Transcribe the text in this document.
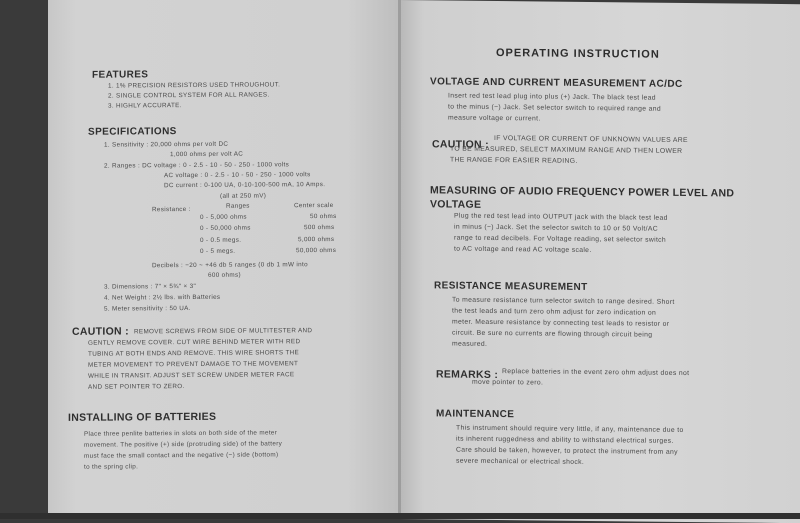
FEATURES
1. 1% PRECISION RESISTORS USED THROUGHOUT.
2. SINGLE CONTROL SYSTEM FOR ALL RANGES.
3. HIGHLY ACCURATE.
SPECIFICATIONS
1. Sensitivity : 20,000 ohms per volt DC
1,000 ohms per volt AC
2. Ranges : DC voltage : 0 - 2.5 - 10 - 50 - 250 - 1000 volts
AC voltage : 0 - 2.5 - 10 - 50 - 250 - 1000 volts
DC current : 0-100 UA, 0-10-100-500 mA, 10 Amps.
(all at 250 mV)
Resistance :	Ranges	Center scale
0 - 5,000 ohms	50 ohms
0 - 50,000 ohms	500 ohms
0 - 0.5 megs.	5,000 ohms
0 - 5 megs.	50,000 ohms
Decibels : −20 ~ +46 db 5 ranges (0 db 1 mW into
600 ohms)
3. Dimensions : 7" × 5¾" × 3"
4. Net Weight : 2½ lbs. with Batteries
5. Meter sensitivity : 50 UA.
CAUTION : REMOVE SCREWS FROM SIDE OF MULTITESTER AND
GENTLY REMOVE COVER. CUT WIRE BEHIND METER WITH RED
TUBING AT BOTH ENDS AND REMOVE. THIS WIRE SHORTS THE
METER MOVEMENT TO PREVENT DAMAGE TO THE MOVEMENT
WHILE IN TRANSIT. ADJUST SET SCREW UNDER METER FACE
AND SET POINTER TO ZERO.
INSTALLING OF BATTERIES
Place three penlite batteries in slots on both side of the meter
movement. The positive (+) side (protruding side) of the battery
must face the small contact and the negative (−) side (bottom)
to the spring clip.
OPERATING INSTRUCTION
VOLTAGE AND CURRENT MEASUREMENT AC/DC
Insert red test lead plug into plus (+) Jack. The black test lead
to the minus (−) Jack. Set selector switch to required range and
measure voltage or current.
CAUTION : IF VOLTAGE OR CURRENT OF UNKNOWN VALUES ARE
TO BE MEASURED, SELECT MAXIMUM RANGE AND THEN LOWER
THE RANGE FOR EASIER READING.
MEASURING OF AUDIO FREQUENCY POWER LEVEL AND
VOLTAGE
Plug the red test lead into OUTPUT jack with the black test lead
in minus (−) Jack. Set the selector switch to 10 or 50 Volt/AC
range to read decibels. For Voltage reading, set selector switch
to AC voltage and read AC voltage scale.
RESISTANCE MEASUREMENT
To measure resistance turn selector switch to range desired. Short
the test leads and turn zero ohm adjust for zero indication on
meter. Measure resistance by connecting test leads to resistor or
circuit. Be sure no currents are flowing through circuit being
measured.
REMARKS : Replace batteries in the event zero ohm adjust does not
move pointer to zero.
MAINTENANCE
This instrument should require very little, if any, maintenance due to
its inherent ruggedness and ability to withstand electrical surges.
Care should be taken, however, to protect the instrument from any
severe mechanical or electrical shock.
